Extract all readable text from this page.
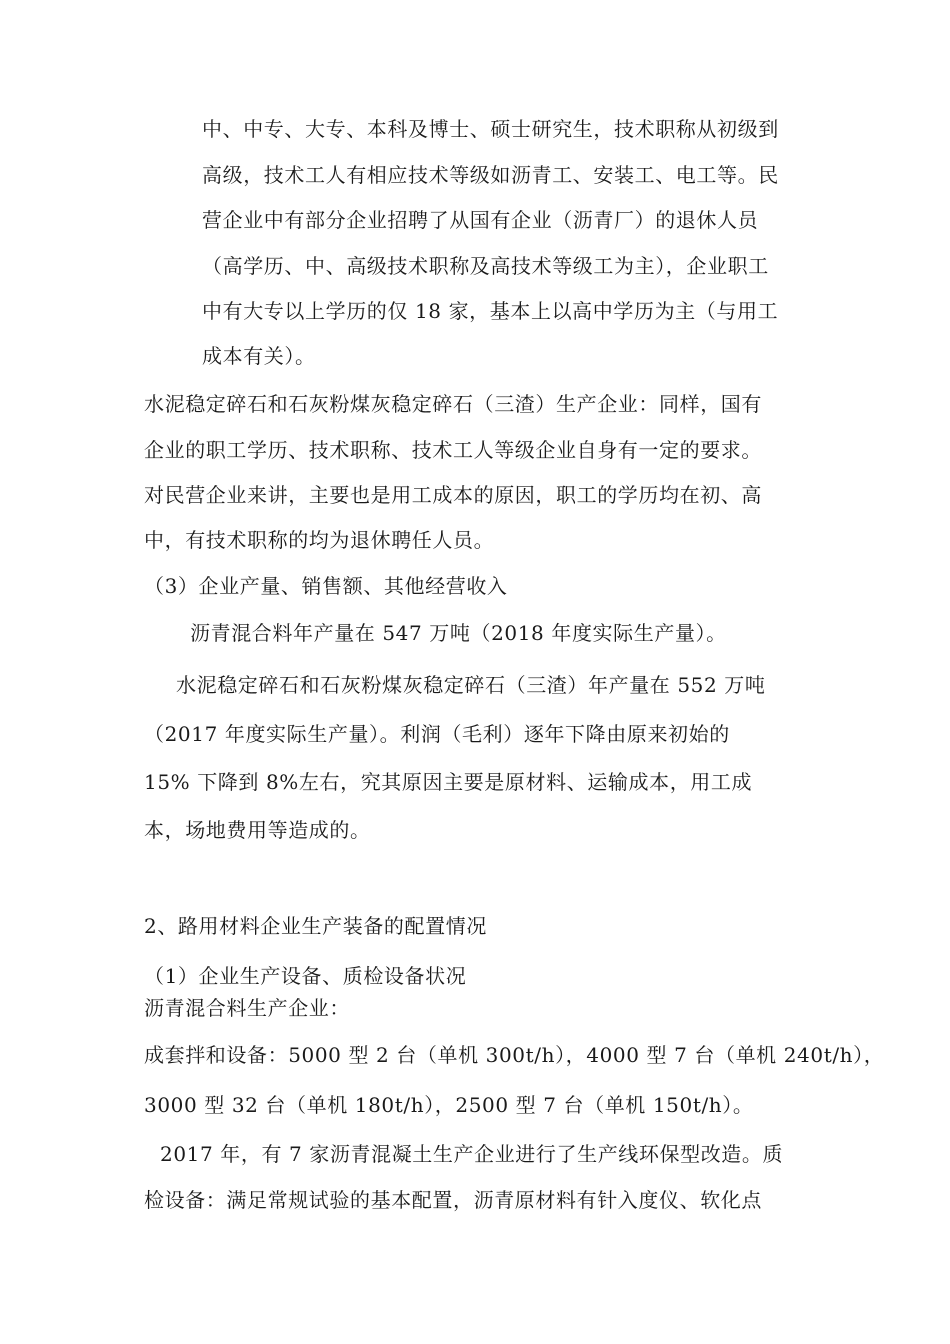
中、中专、大专、本科及博士、硕士研究生，技术职称从初级到
高级，技术工人有相应技术等级如沥青工、安装工、电工等。民
营企业中有部分企业招聘了从国有企业（沥青厂）的退休人员
（高学历、中、高级技术职称及高技术等级工为主），企业职工
中有大专以上学历的仅 18 家，基本上以高中学历为主（与用工
成本有关）。
水泥稳定碎石和石灰粉煤灰稳定碎石（三渣）生产企业：同样，国有
企业的职工学历、技术职称、技术工人等级企业自身有一定的要求。
对民营企业来讲，主要也是用工成本的原因，职工的学历均在初、高
中，有技术职称的均为退休聘任人员。
（3）企业产量、销售额、其他经营收入
沥青混合料年产量在 547 万吨（2018 年度实际生产量）。
水泥稳定碎石和石灰粉煤灰稳定碎石（三渣）年产量在 552 万吨
（2017 年度实际生产量）。利润（毛利）逐年下降由原来初始的
15% 下降到 8%左右，究其原因主要是原材料、运输成本，用工成
本，场地费用等造成的。
2、路用材料企业生产装备的配置情况
（1）企业生产设备、质检设备状况
沥青混合料生产企业：
成套拌和设备：5000 型 2 台（单机 300t/h），4000 型 7 台（单机 240t/h），
3000 型 32 台（单机 180t/h），2500 型 7 台（单机 150t/h）。
2017 年，有 7 家沥青混凝土生产企业进行了生产线环保型改造。质
检设备：满足常规试验的基本配置，沥青原材料有针入度仪、软化点
